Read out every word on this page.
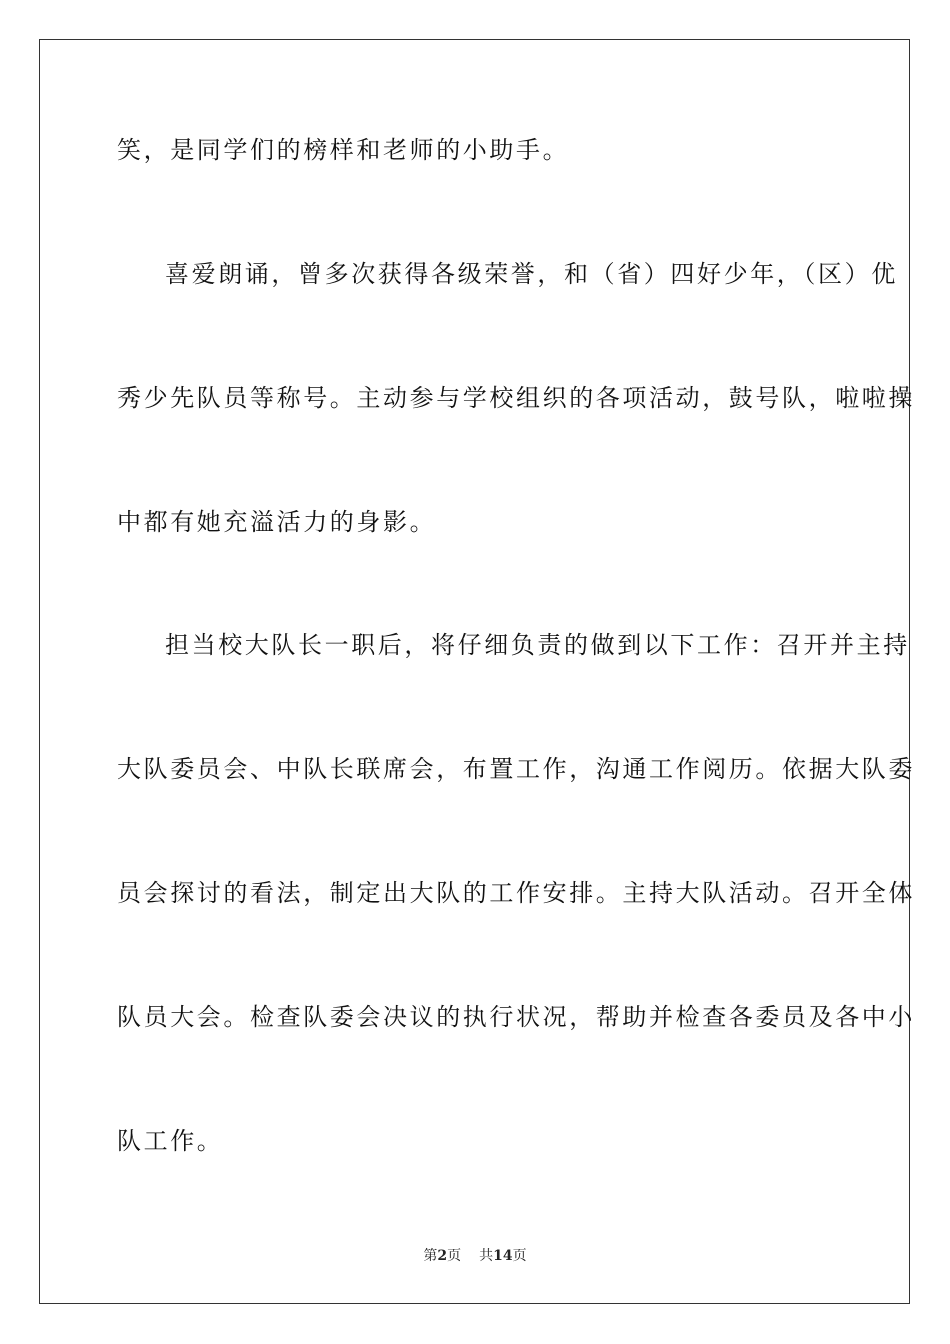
笑，是同学们的榜样和老师的小助手。
喜爱朗诵，曾多次获得各级荣誉，和（省）四好少年，（区）优
秀少先队员等称号。主动参与学校组织的各项活动，鼓号队，啦啦操
中都有她充溢活力的身影。
担当校大队长一职后，将仔细负责的做到以下工作：召开并主持
大队委员会、中队长联席会，布置工作，沟通工作阅历。依据大队委
员会探讨的看法，制定出大队的工作安排。主持大队活动。召开全体
队员大会。检查队委会决议的执行状况，帮助并检查各委员及各中小
队工作。
第2页 共14页
